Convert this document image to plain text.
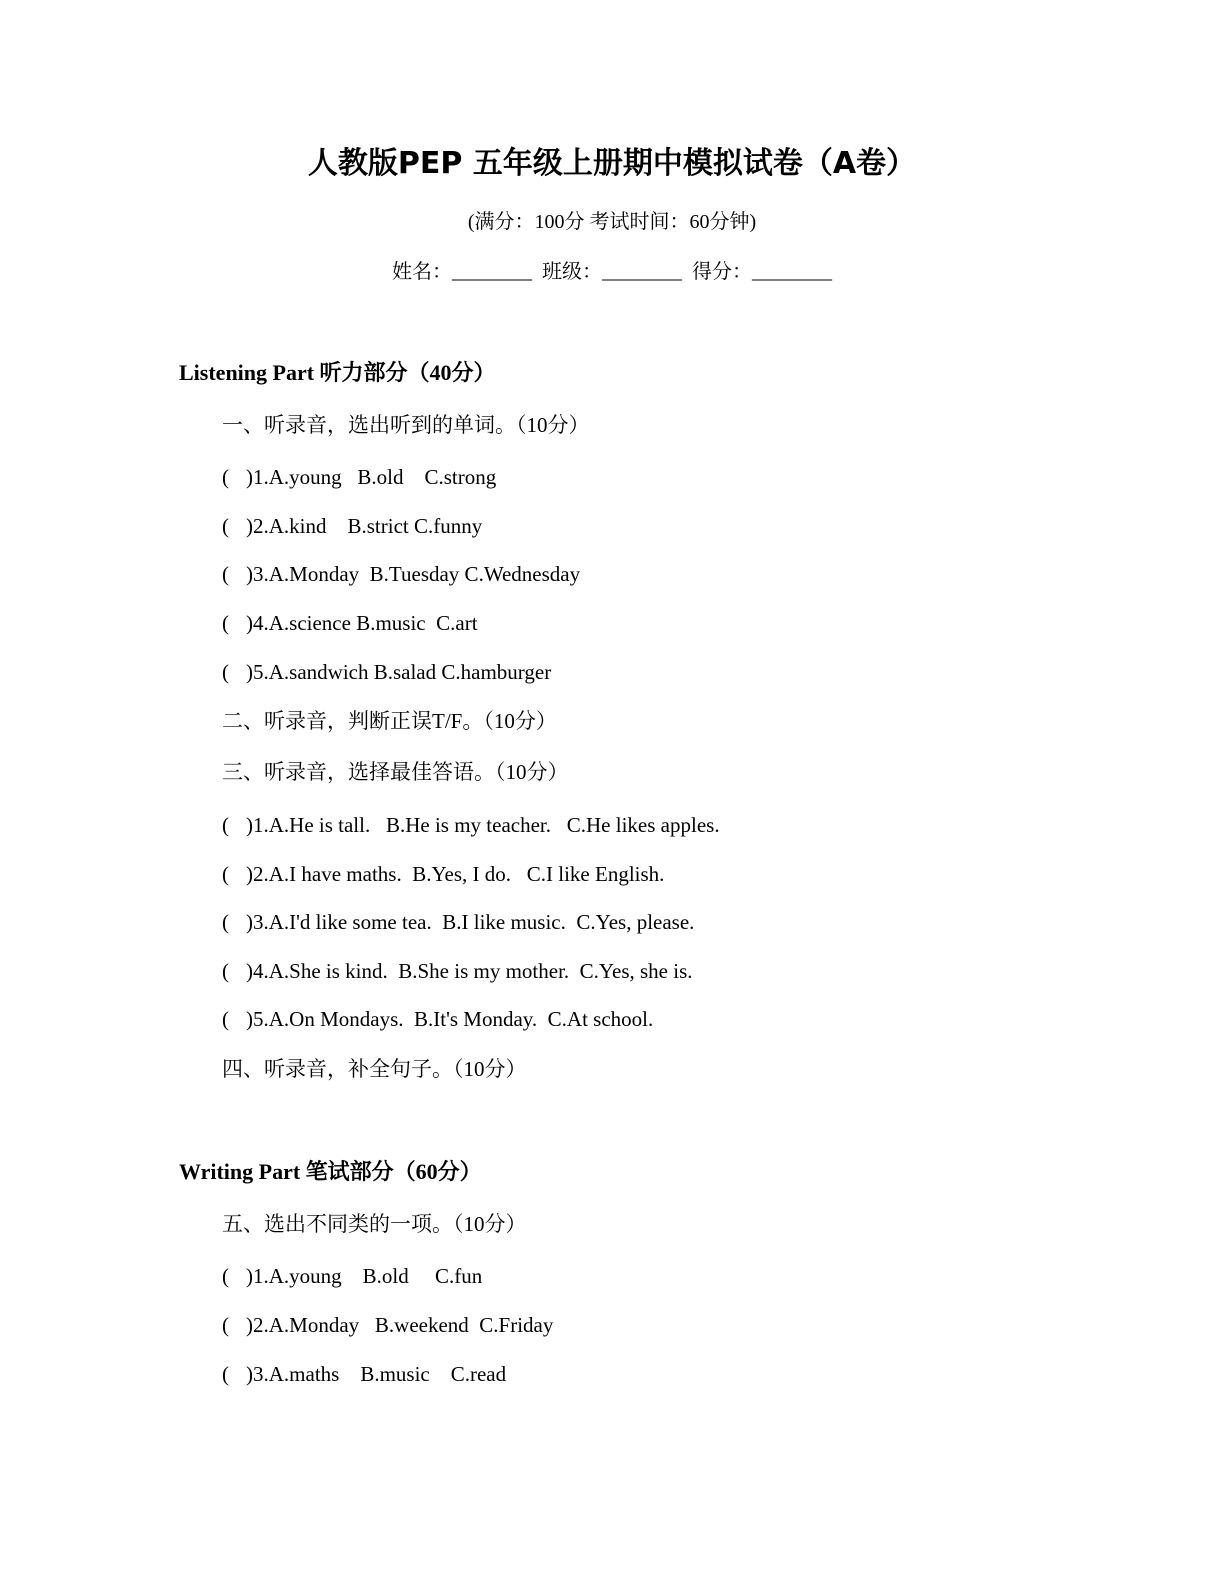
人教版PEP 五年级上册期中模拟试卷（A卷）
(满分：100分 考试时间：60分钟)
姓名：________ 班级：________ 得分：________
Listening Part 听力部分（40分）
一、听录音，选出听到的单词。（10分）
( )1.A.young   B.old    C.strong
( )2.A.kind    B.strict C.funny
( )3.A.Monday  B.Tuesday C.Wednesday
( )4.A.science B.music  C.art
( )5.A.sandwich B.salad C.hamburger
二、听录音，判断正误T/F。（10分）
三、听录音，选择最佳答语。（10分）
( )1.A.He is tall.   B.He is my teacher.   C.He likes apples.
( )2.A.I have maths.  B.Yes, I do.   C.I like English.
( )3.A.I'd like some tea.  B.I like music.  C.Yes, please.
( )4.A.She is kind.  B.She is my mother.  C.Yes, she is.
( )5.A.On Mondays.  B.It's Monday.  C.At school.
四、听录音，补全句子。（10分）
Writing Part 笔试部分（60分）
五、选出不同类的一项。（10分）
( )1.A.young    B.old     C.fun
( )2.A.Monday   B.weekend  C.Friday
( )3.A.maths    B.music    C.read
